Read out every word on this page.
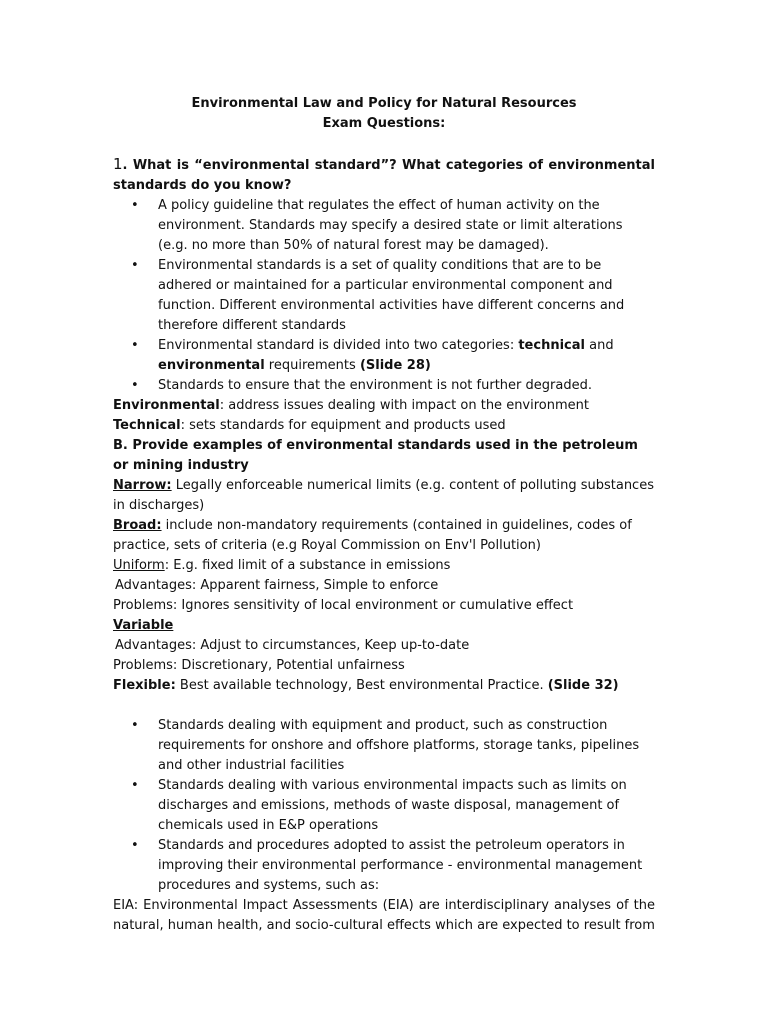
Environmental Law and Policy for Natural Resources

Exam Questions:

1. What is “environmental standard”? What categories of environmental standards do you know?

• A policy guideline that regulates the effect of human activity on the environment. Standards may specify a desired state or limit alterations (e.g. no more than 50% of natural forest may be damaged).
• Environmental standards is a set of quality conditions that are to be adhered or maintained for a particular environmental component and function. Different environmental activities have different concerns and therefore different standards
• Environmental standard is divided into two categories: technical and environmental requirements (Slide 28)
• Standards to ensure that the environment is not further degraded.

Environmental: address issues dealing with impact on the environment

Technical: sets standards for equipment and products used

B. Provide examples of environmental standards used in the petroleum or mining industry

Narrow: Legally enforceable numerical limits (e.g. content of polluting substances in discharges)

Broad: include non-mandatory requirements (contained in guidelines, codes of practice, sets of criteria (e.g Royal Commission on Env'l Pollution)

Uniform: E.g. fixed limit of a substance in emissions

Advantages: Apparent fairness, Simple to enforce

Problems: Ignores sensitivity of local environment or cumulative effect

Variable

Advantages: Adjust to circumstances, Keep up-to-date

Problems: Discretionary, Potential unfairness

Flexible: Best available technology, Best environmental Practice. (Slide 32)

• Standards dealing with equipment and product, such as construction requirements for onshore and offshore platforms, storage tanks, pipelines and other industrial facilities
• Standards dealing with various environmental impacts such as limits on discharges and emissions, methods of waste disposal, management of chemicals used in E&P operations
• Standards and procedures adopted to assist the petroleum operators in improving their environmental performance - environmental management procedures and systems, such as:

EIA: Environmental Impact Assessments (EIA) are interdisciplinary analyses of the natural, human health, and socio-cultural effects which are expected to result from
